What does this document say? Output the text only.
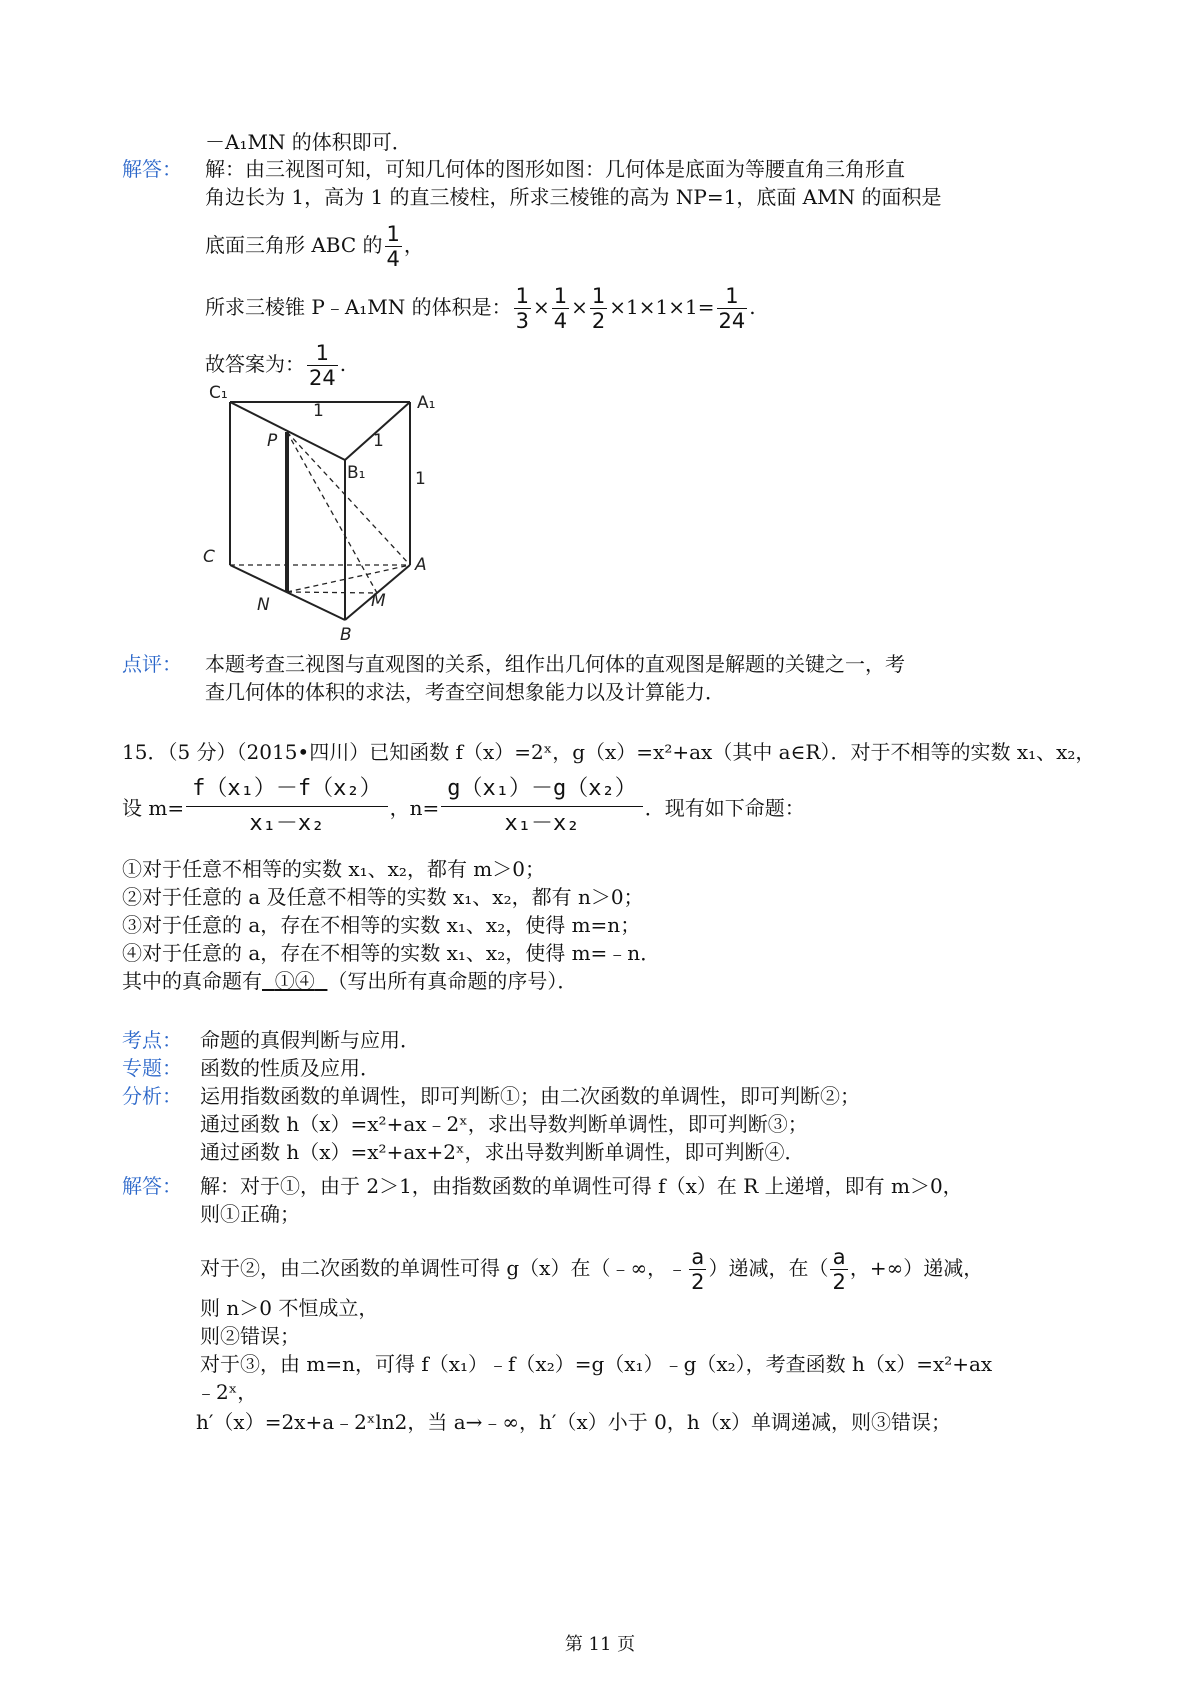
－A₁MN 的体积即可．
解答： 解：由三视图可知，可知几何体的图形如图：几何体是底面为等腰直角三角形直
角边长为 1，高为 1 的直三棱柱，所求三棱锥的高为 NP=1，底面 AMN 的面积是
底面三角形 ABC 的 $\frac{1}{4}$ ，
所求三棱锥 P﹣A₁MN 的体积是： $\frac{1}{3} \times \frac{1}{4} \times \frac{1}{2} \times 1\times 1\times 1= \frac{1}{24}$ .
故答案为： $\frac{1}{24}$ .
C₁	A₁
B₁
P
C	A
B
N	M
1
1
1
点评： 本题考查三视图与直观图的关系，组作出几何体的直观图是解题的关键之一，考
查几何体的体积的求法，考查空间想象能力以及计算能力．
15．（5 分）（2015•四川）已知函数 f（x）=2ˣ，g（x）=x²+ax（其中 a∈R）．对于不相等的实数 x₁、x₂，
设 $m= \frac{\text{f（x₁）－f（x₂）}}{\text{x₁－x₂}}$ ，$n= \frac{\text{g（x₁）－g（x₂）}}{\text{x₁－x₂}}$ ．现有如下命题：
①对于任意不相等的实数 x₁、x₂，都有 m＞0；
②对于任意的 a 及任意不相等的实数 x₁、x₂，都有 n＞0；
③对于任意的 a，存在不相等的实数 x₁、x₂，使得 m=n；
④对于任意的 a，存在不相等的实数 x₁、x₂，使得 m=﹣n．
其中的真命题有 ①④ （写出所有真命题的序号）．
考点： 命题的真假判断与应用．
专题： 函数的性质及应用．
分析： 运用指数函数的单调性，即可判断①；由二次函数的单调性，即可判断②；
通过函数 h（x）=x²+ax﹣2ˣ，求出导数判断单调性，即可判断③；
通过函数 h（x）=x²+ax+2ˣ，求出导数判断单调性，即可判断④．
解答： 解：对于①，由于 2＞1，由指数函数的单调性可得 f（x）在 R 上递增，即有 m＞0，
则①正确；
对于②，由二次函数的单调性可得 g（x）在（﹣∞，﹣ $\frac{a}{2}$ ）递减，在（ $\frac{a}{2}$ ，+∞）递减，
则 n＞0 不恒成立，
则②错误；
对于③，由 m=n，可得 f（x₁）﹣f（x₂）=g（x₁）﹣g（x₂），考查函数 h（x）=x²+ax
﹣2ˣ，
h′（x）=2x+a﹣2ˣln2，当 a→﹣∞，h′（x）小于 0，h（x）单调递减，则③错误；
第 11 页
